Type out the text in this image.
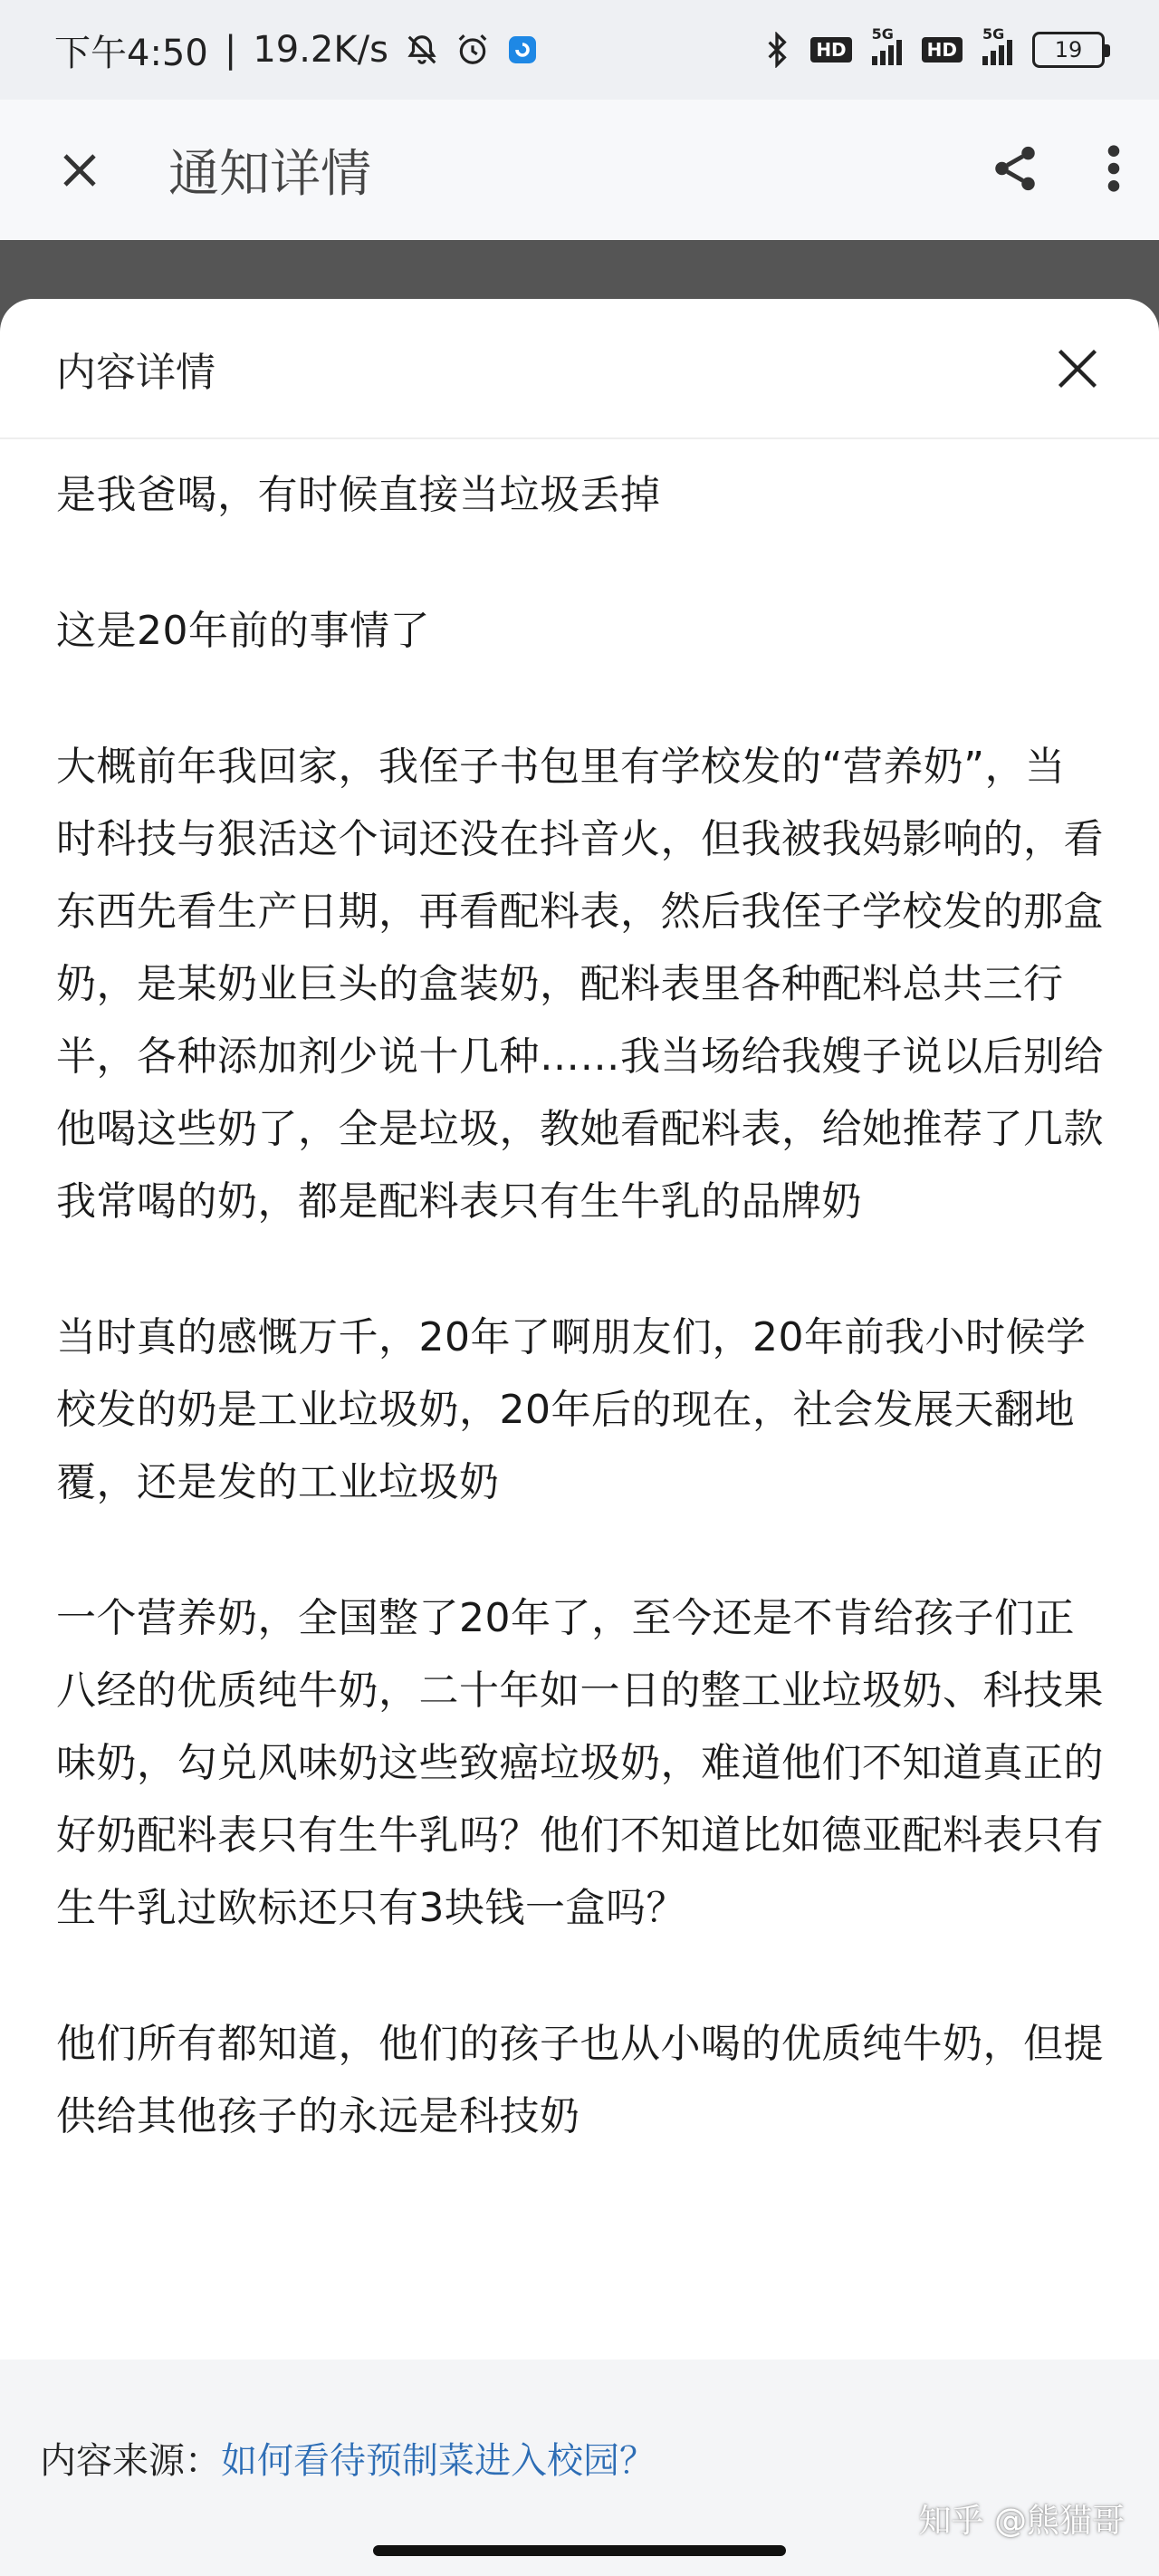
下午4:50 | 19.2K/s	HD
5G
HD
5G
19
通知详情
内容详情

是我爸喝，有时候直接当垃圾丢掉

这是20年前的事情了

大概前年我回家，我侄子书包里有学校发的“营养奶”，当时科技与狠活这个词还没在抖音火，但我被我妈影响的，看东西先看生产日期，再看配料表，然后我侄子学校发的那盒奶，是某奶业巨头的盒装奶，配料表里各种配料总共三行半，各种添加剂少说十几种……我当场给我嫂子说以后别给他喝这些奶了，全是垃圾，教她看配料表，给她推荐了几款我常喝的奶，都是配料表只有生牛乳的品牌奶

当时真的感慨万千，20年了啊朋友们，20年前我小时候学校发的奶是工业垃圾奶，20年后的现在，社会发展天翻地覆，还是发的工业垃圾奶

一个营养奶，全国整了20年了，至今还是不肯给孩子们正八经的优质纯牛奶，二十年如一日的整工业垃圾奶、科技果味奶，勾兑风味奶这些致癌垃圾奶，难道他们不知道真正的好奶配料表只有生牛乳吗？他们不知道比如德亚配料表只有生牛乳过欧标还只有3块钱一盒吗？

他们所有都知道，他们的孩子也从小喝的优质纯牛奶，但提供给其他孩子的永远是科技奶

内容来源：如何看待预制菜进入校园？
知乎 @熊猫哥
